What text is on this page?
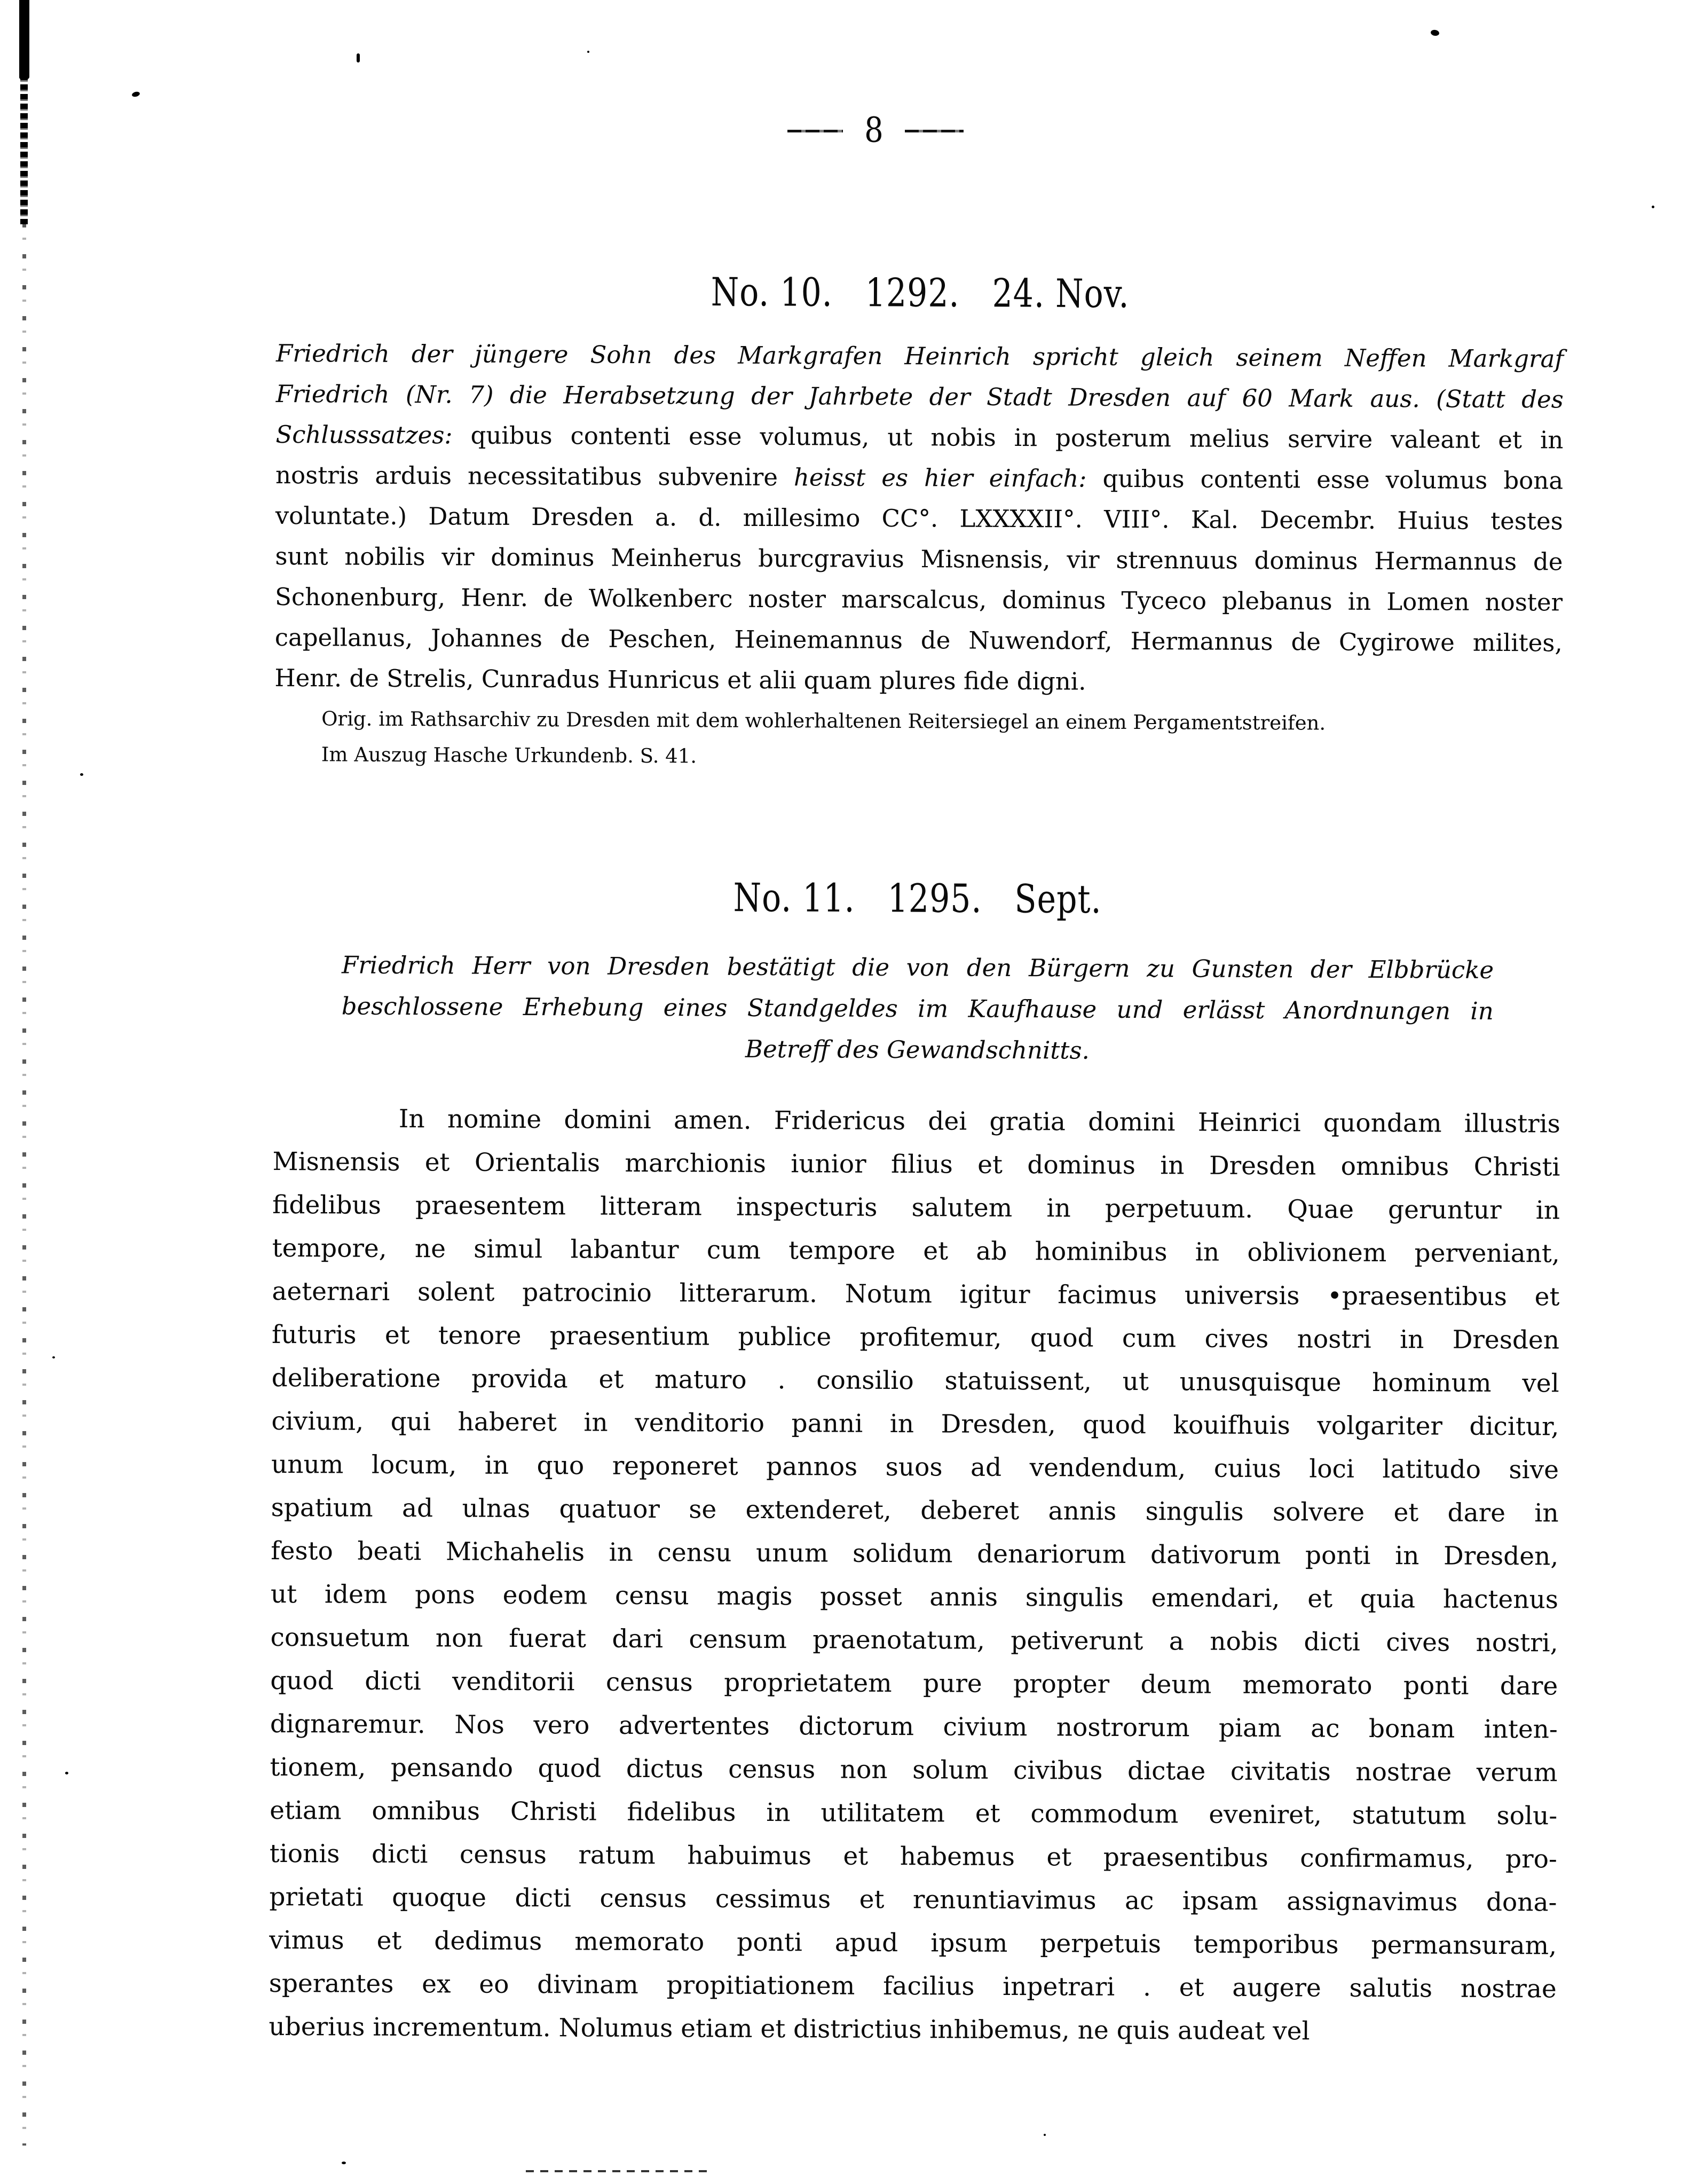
8
No. 10. 1292. 24. Nov.
Friedrich der jüngere Sohn des Markgrafen Heinrich spricht gleich seinem Neffen Markgraf
Friedrich (Nr. 7) die Herabsetzung der Jahrbete der Stadt Dresden auf 60 Mark aus. (Statt des
Schlusssatzes: quibus contenti esse volumus, ut nobis in posterum melius servire valeant et in
nostris arduis necessitatibus subvenire heisst es hier einfach: quibus contenti esse volumus bona
voluntate.) Datum Dresden a. d. millesimo CC°. LXXXXII°. VIII°. Kal. Decembr. Huius testes
sunt nobilis vir dominus Meinherus burcgravius Misnensis, vir strennuus dominus Hermannus de
Schonenburg, Henr. de Wolkenberc noster marscalcus, dominus Tyceco plebanus in Lomen noster
capellanus, Johannes de Peschen, Heinemannus de Nuwendorf, Hermannus de Cygirowe milites,
Henr. de Strelis, Cunradus Hunricus et alii quam plures fide digni.
Orig. im Rathsarchiv zu Dresden mit dem wohlerhaltenen Reitersiegel an einem Pergamentstreifen.
Im Auszug Hasche Urkundenb. S. 41.
No. 11. 1295. Sept.
Friedrich Herr von Dresden bestätigt die von den Bürgern zu Gunsten der Elbbrücke
beschlossene Erhebung eines Standgeldes im Kaufhause und erlässt Anordnungen in
Betreff des Gewandschnitts.
In nomine domini amen. Fridericus dei gratia domini Heinrici quondam illustris
Misnensis et Orientalis marchionis iunior filius et dominus in Dresden omnibus Christi
fidelibus praesentem litteram inspecturis salutem in perpetuum. Quae geruntur in
tempore, ne simul labantur cum tempore et ab hominibus in oblivionem perveniant,
aeternari solent patrocinio litterarum. Notum igitur facimus universis •praesentibus et
futuris et tenore praesentium publice profitemur, quod cum cives nostri in Dresden
deliberatione provida et maturo . consilio statuissent, ut unusquisque hominum vel
civium, qui haberet in venditorio panni in Dresden, quod kouifhuis volgariter dicitur,
unum locum, in quo reponeret pannos suos ad vendendum, cuius loci latitudo sive
spatium ad ulnas quatuor se extenderet, deberet annis singulis solvere et dare in
festo beati Michahelis in censu unum solidum denariorum dativorum ponti in Dresden,
ut idem pons eodem censu magis posset annis singulis emendari, et quia hactenus
consuetum non fuerat dari censum praenotatum, petiverunt a nobis dicti cives nostri,
quod dicti venditorii census proprietatem pure propter deum memorato ponti dare
dignaremur. Nos vero advertentes dictorum civium nostrorum piam ac bonam inten-
tionem, pensando quod dictus census non solum civibus dictae civitatis nostrae verum
etiam omnibus Christi fidelibus in utilitatem et commodum eveniret, statutum solu-
tionis dicti census ratum habuimus et habemus et praesentibus confirmamus, pro-
prietati quoque dicti census cessimus et renuntiavimus ac ipsam assignavimus dona-
vimus et dedimus memorato ponti apud ipsum perpetuis temporibus permansuram,
sperantes ex eo divinam propitiationem facilius inpetrari . et augere salutis nostrae
uberius incrementum. Nolumus etiam et districtius inhibemus, ne quis audeat vel
